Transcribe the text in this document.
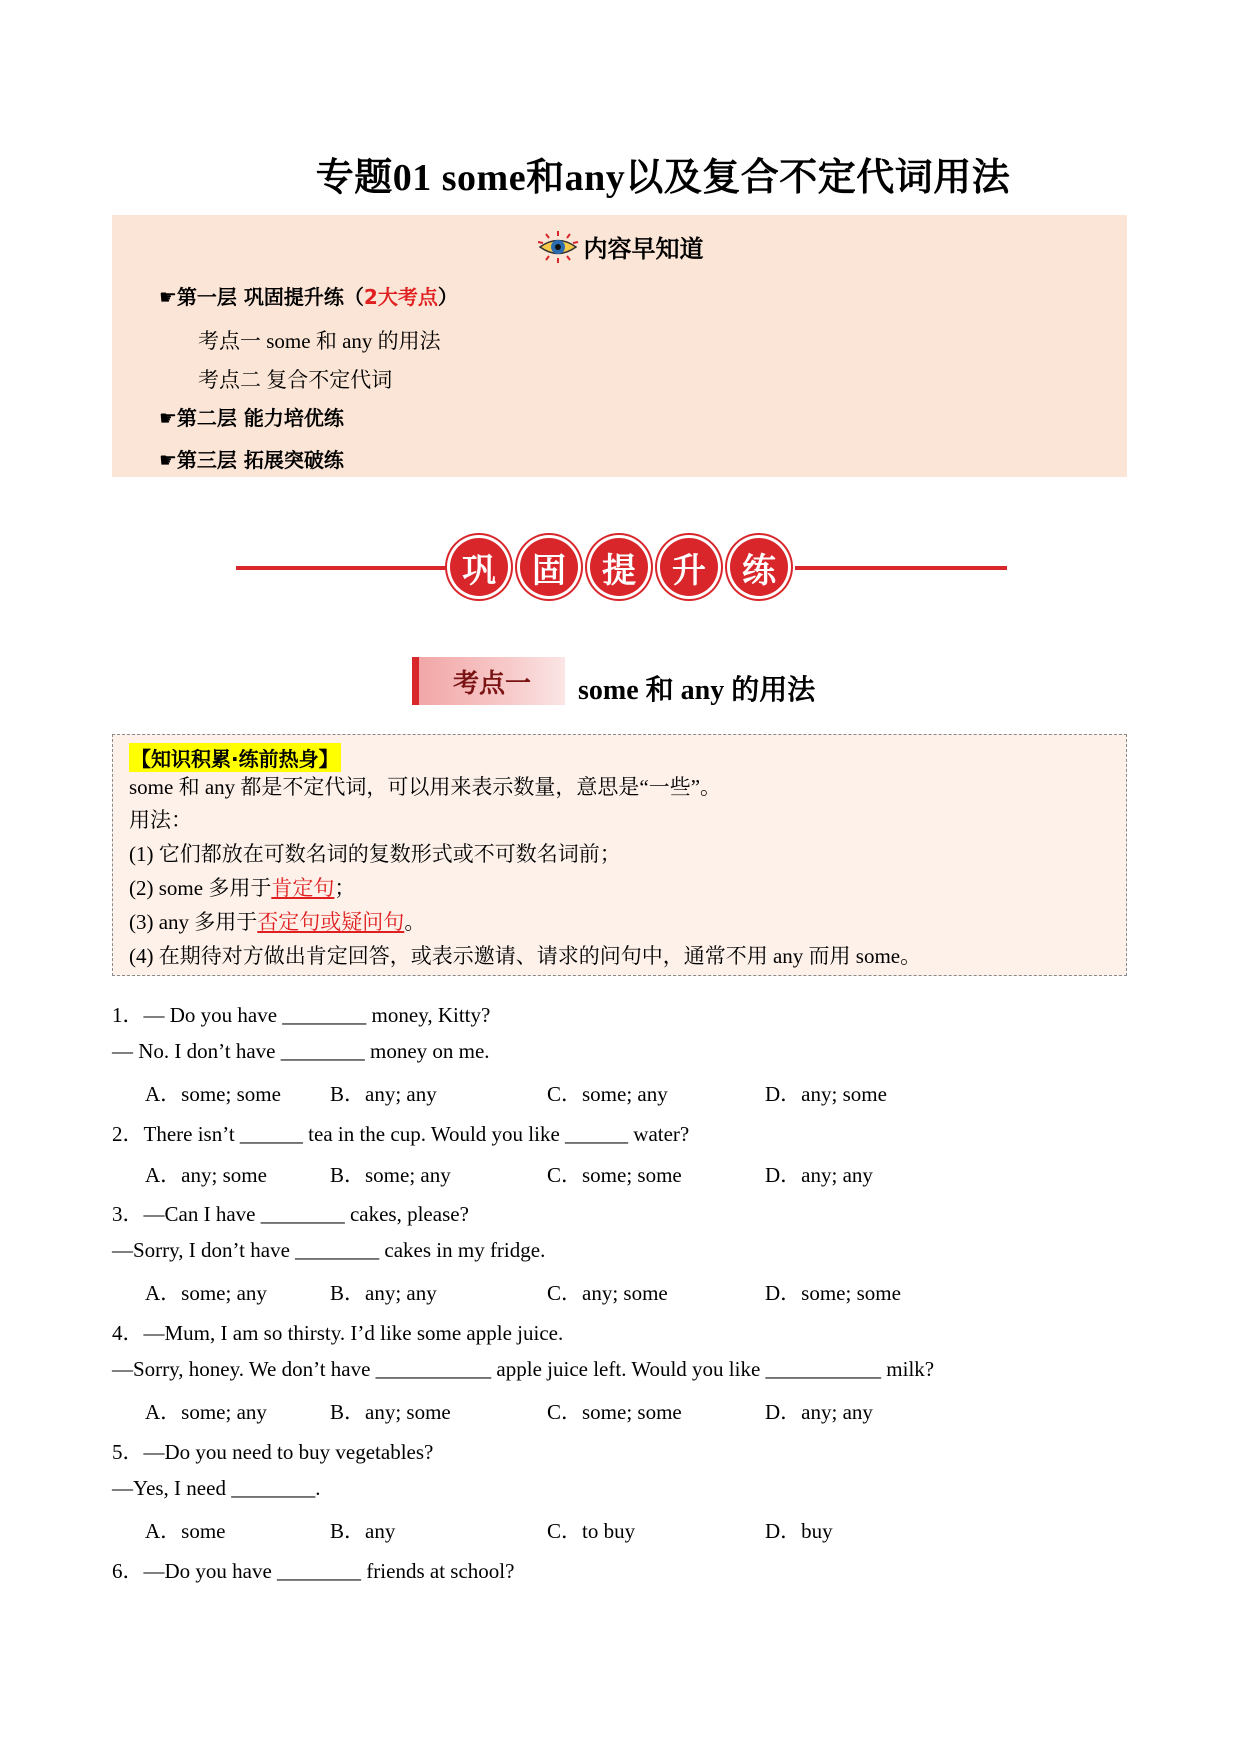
专题01 some和any以及复合不定代词用法
内容早知道
☛第一层 巩固提升练（2大考点）
考点一 some 和 any 的用法
考点二 复合不定代词
☛第二层 能力培优练
☛第三层 拓展突破练
巩	固	提	升	练
考点一	some 和 any 的用法
【知识积累·练前热身】
some 和 any 都是不定代词，可以用来表示数量，意思是“一些”。
用法：
(1) 它们都放在可数名词的复数形式或不可数名词前；
(2) some 多用于肯定句；
(3) any 多用于否定句或疑问句。
(4) 在期待对方做出肯定回答，或表示邀请、请求的问句中，通常不用 any 而用 some。
1．— Do you have ________ money, Kitty?
— No. I don’t have ________ money on me.
A．some; some B．any; any	C．some; any	D．any; some
2．There isn’t ______ tea in the cup. Would you like ______ water?
A．any; some	B．some; any	C．some; some	D．any; any
3．—Can I have ________ cakes, please?
—Sorry, I don’t have ________ cakes in my fridge.
A．some; any	B．any; any	C．any; some	D．some; some
4．—Mum, I am so thirsty. I’d like some apple juice.
—Sorry, honey. We don’t have ___________ apple juice left. Would you like ___________ milk?
A．some; any	B．any; some	C．some; some	D．any; any
5．—Do you need to buy vegetables?
—Yes, I need ________.
A．some	B．any	C．to buy	D．buy
6．—Do you have ________ friends at school?
